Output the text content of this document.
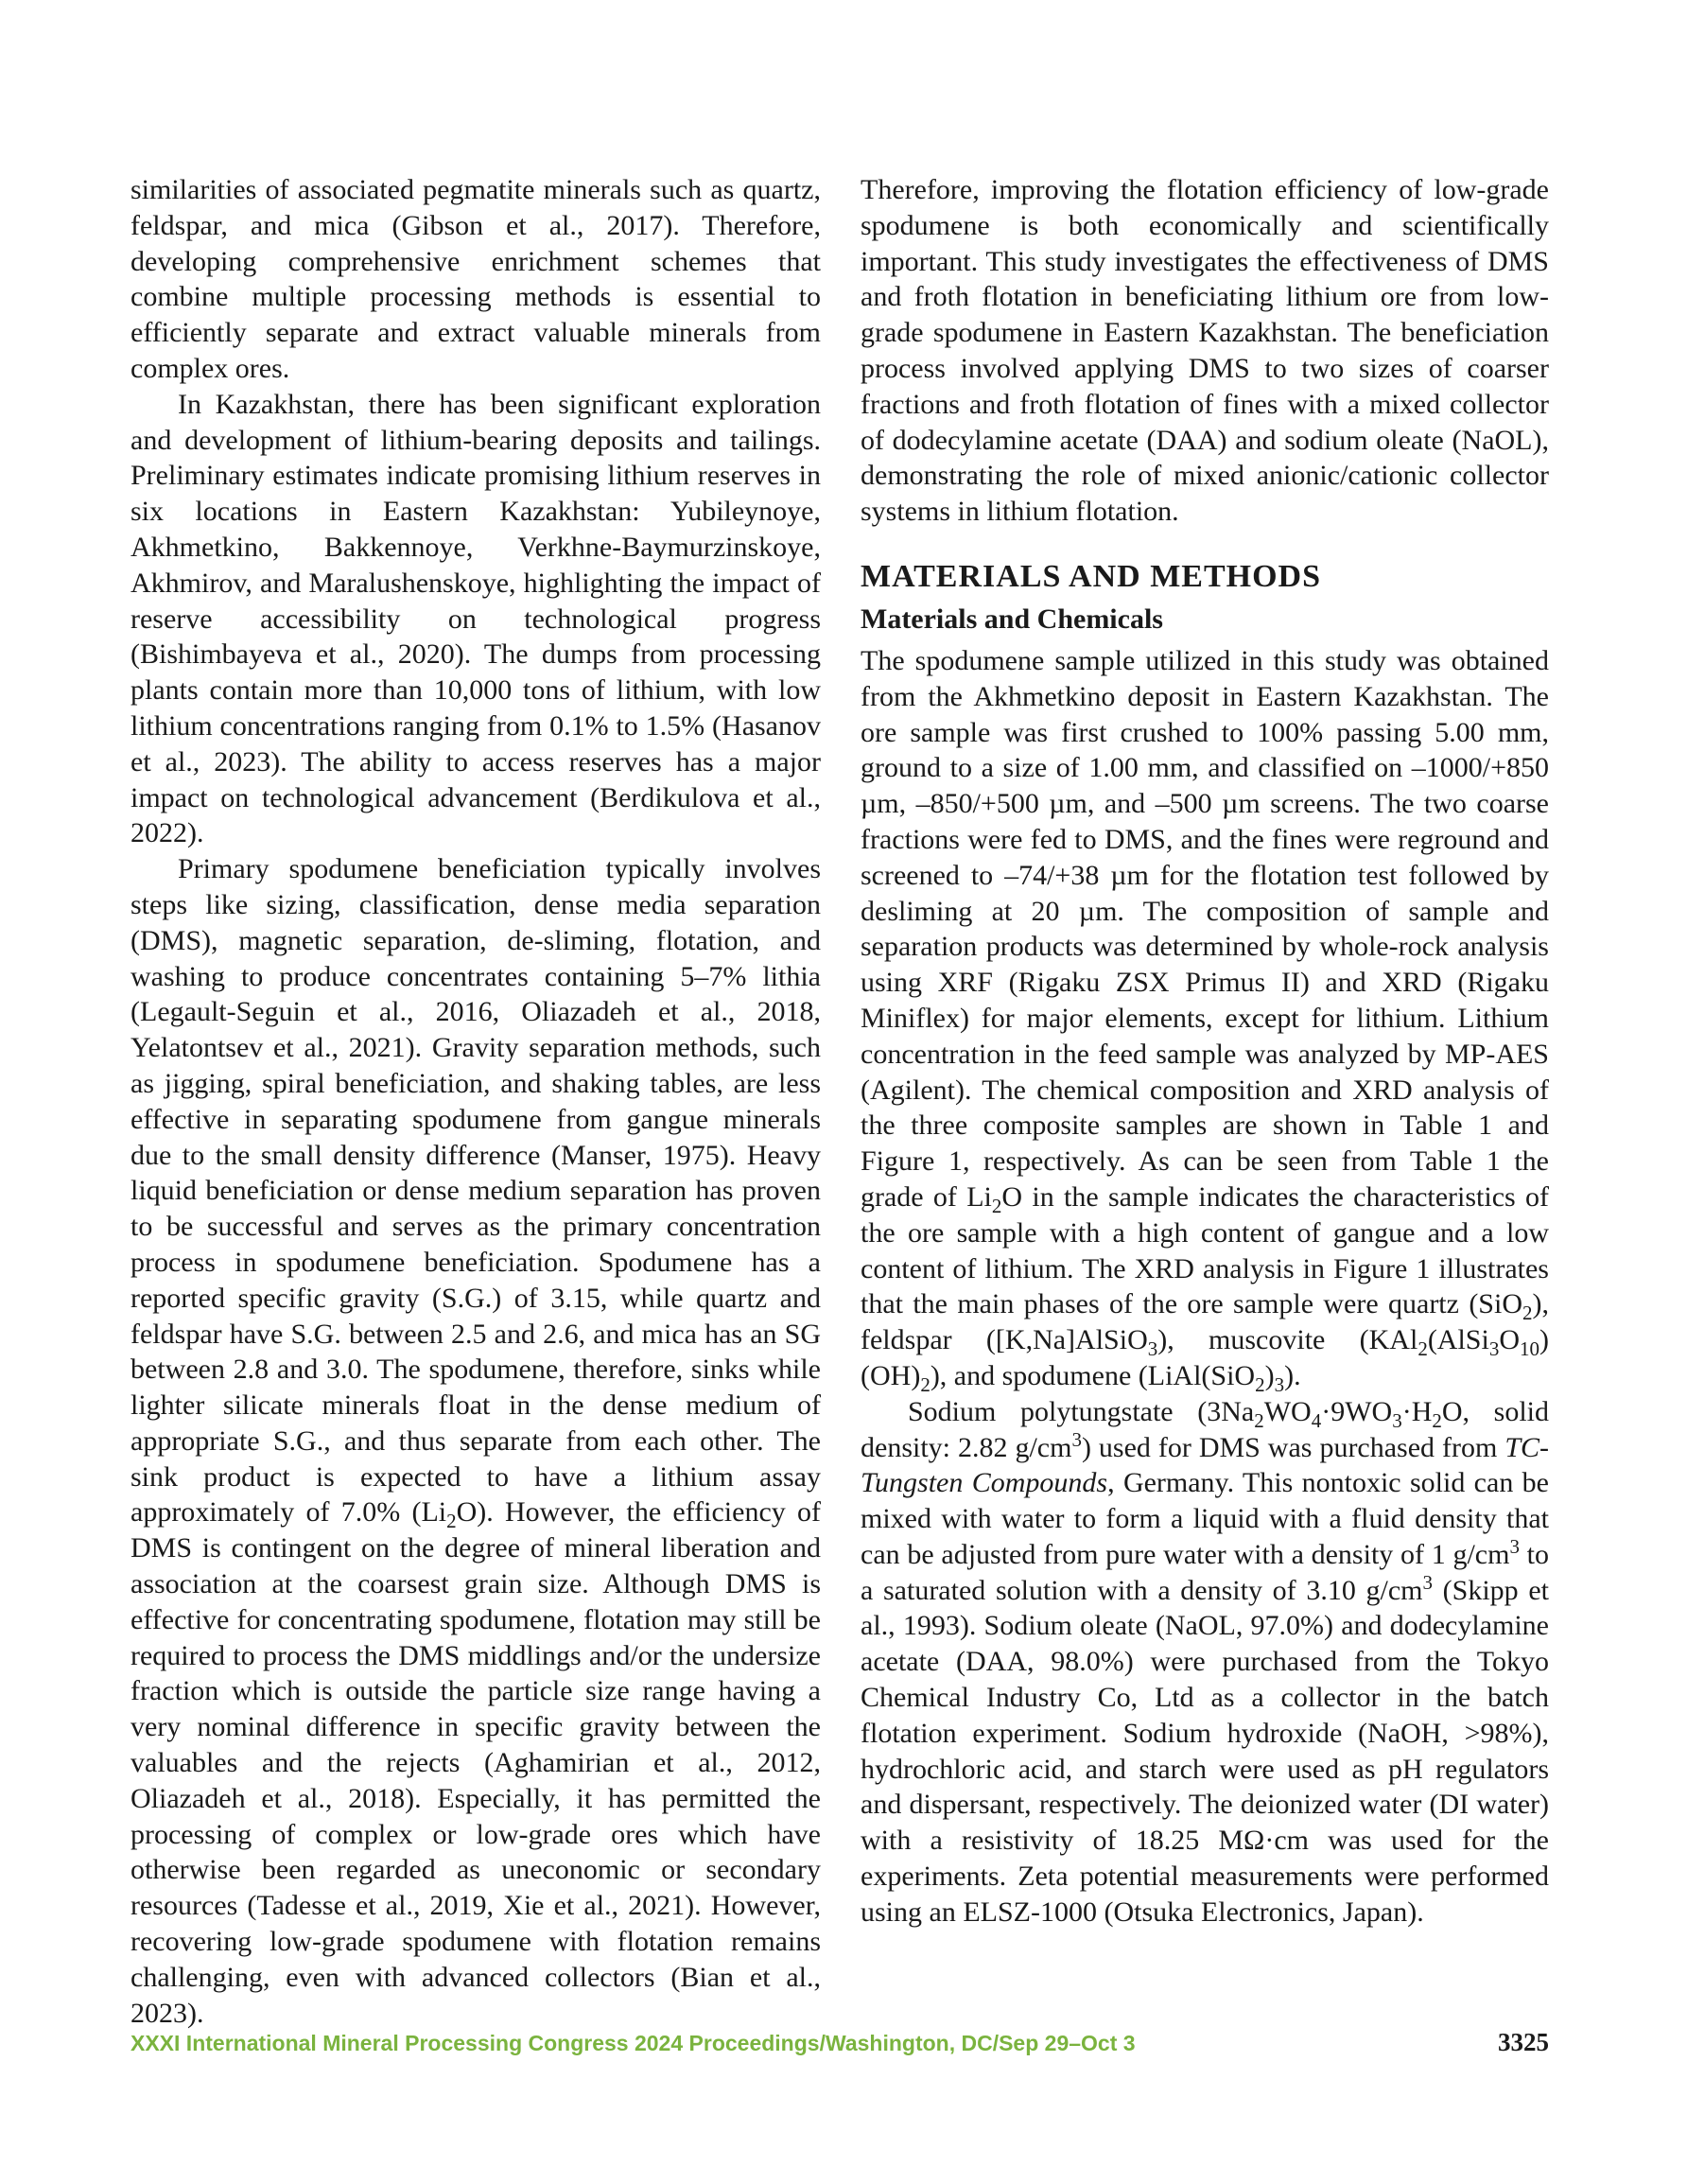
similarities of associated pegmatite minerals such as quartz, feldspar, and mica (Gibson et al., 2017). Therefore, developing comprehensive enrichment schemes that combine multiple processing methods is essential to efficiently separate and extract valuable minerals from complex ores.

In Kazakhstan, there has been significant exploration and development of lithium-bearing deposits and tailings. Preliminary estimates indicate promising lithium reserves in six locations in Eastern Kazakhstan: Yubileynoye, Akhmetkino, Bakkennoye, Verkhne-Baymurzinskoye, Akhmirov, and Maralushenskoye, highlighting the impact of reserve accessibility on technological progress (Bishimbayeva et al., 2020). The dumps from processing plants contain more than 10,000 tons of lithium, with low lithium concentrations ranging from 0.1% to 1.5% (Hasanov et al., 2023). The ability to access reserves has a major impact on technological advancement (Berdikulova et al., 2022).

Primary spodumene beneficiation typically involves steps like sizing, classification, dense media separation (DMS), magnetic separation, de-sliming, flotation, and washing to produce concentrates containing 5–7% lithia (Legault-Seguin et al., 2016, Oliazadeh et al., 2018, Yelatontsev et al., 2021). Gravity separation methods, such as jigging, spiral beneficiation, and shaking tables, are less effective in separating spodumene from gangue minerals due to the small density difference (Manser, 1975). Heavy liquid beneficiation or dense medium separation has proven to be successful and serves as the primary concentration process in spodumene beneficiation. Spodumene has a reported specific gravity (S.G.) of 3.15, while quartz and feldspar have S.G. between 2.5 and 2.6, and mica has an SG between 2.8 and 3.0. The spodumene, therefore, sinks while lighter silicate minerals float in the dense medium of appropriate S.G., and thus separate from each other. The sink product is expected to have a lithium assay approximately of 7.0% $(Li_2O)$. However, the efficiency of DMS is contingent on the degree of mineral liberation and association at the coarsest grain size. Although DMS is effective for concentrating spodumene, flotation may still be required to process the DMS middlings and/or the undersize fraction which is outside the particle size range having a very nominal difference in specific gravity between the valuables and the rejects (Aghamirian et al., 2012, Oliazadeh et al., 2018). Especially, it has permitted the processing of complex or low-grade ores which have otherwise been regarded as uneconomic or secondary resources (Tadesse et al., 2019, Xie et al., 2021). However, recovering low-grade spodumene with flotation remains challenging, even with advanced collectors (Bian et al., 2023).

Therefore, improving the flotation efficiency of low-grade spodumene is both economically and scientifically important. This study investigates the effectiveness of DMS and froth flotation in beneficiating lithium ore from low-grade spodumene in Eastern Kazakhstan. The beneficiation process involved applying DMS to two sizes of coarser fractions and froth flotation of fines with a mixed collector of dodecylamine acetate (DAA) and sodium oleate (NaOL), demonstrating the role of mixed anionic/cationic collector systems in lithium flotation.

MATERIALS AND METHODS
Materials and Chemicals

The spodumene sample utilized in this study was obtained from the Akhmetkino deposit in Eastern Kazakhstan. The ore sample was first crushed to 100% passing 5.00 mm, ground to a size of 1.00 mm, and classified on –1000/+850 µm, –850/+500 µm, and –500 µm screens. The two coarse fractions were fed to DMS, and the fines were reground and screened to –74/+38 µm for the flotation test followed by desliming at 20 µm. The composition of sample and separation products was determined by whole-rock analysis using XRF (Rigaku ZSX Primus II) and XRD (Rigaku Miniflex) for major elements, except for lithium. Lithium concentration in the feed sample was analyzed by MP-AES (Agilent). The chemical composition and XRD analysis of the three composite samples are shown in Table 1 and Figure 1, respectively. As can be seen from Table 1 the grade of $Li_2O$ in the sample indicates the characteristics of the ore sample with a high content of gangue and a low content of lithium. The XRD analysis in Figure 1 illustrates that the main phases of the ore sample were quartz (SiO$_2$), feldspar ([K,Na]AlSiO$_3$), muscovite $(KAl_2(AlSi_3O_{10})(OH)_2)$, and spodumene $(LiAl(SiO_2)_3)$.

Sodium polytungstate ($3Na_2WO_4\cdot 9WO_3\cdot H_2O$, solid density: 2.82 $g/cm^3$) used for DMS was purchased from TC-Tungsten Compounds, Germany. This nontoxic solid can be mixed with water to form a liquid with a fluid density that can be adjusted from pure water with a density of 1 $g/cm^3$ to a saturated solution with a density of 3.10 $g/cm^3$ (Skipp et al., 1993). Sodium oleate (NaOL, 97.0%) and dodecylamine acetate (DAA, 98.0%) were purchased from the Tokyo Chemical Industry Co, Ltd as a collector in the batch flotation experiment. Sodium hydroxide (NaOH, >98%), hydrochloric acid, and starch were used as pH regulators and dispersant, respectively. The deionized water (DI water) with a resistivity of 18.25 MΩ·cm was used for the experiments. Zeta potential measurements were performed using an ELSZ-1000 (Otsuka Electronics, Japan).

XXXI International Mineral Processing Congress 2024 Proceedings/Washington, DC/Sep 29–Oct 3	3325
